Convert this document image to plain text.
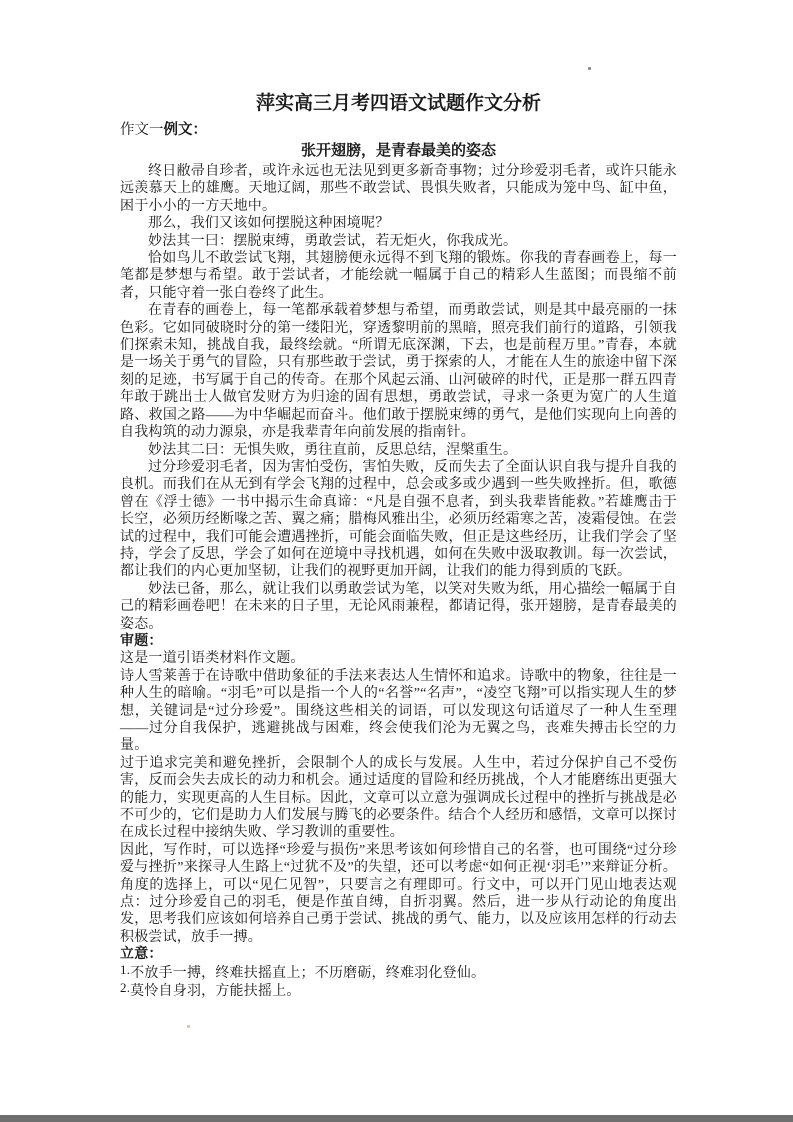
萍实高三月考四语文试题作文分析

作文一例文：

张开翅膀，是青春最美的姿态

终日敝帚自珍者，或许永远也无法见到更多新奇事物；过分珍爱羽毛者，或许只能永远羡慕天上的雄鹰。天地辽阔，那些不敢尝试、畏惧失败者，只能成为笼中鸟、缸中鱼，困于小小的一方天地中。

那么，我们又该如何摆脱这种困境呢？

妙法其一曰：摆脱束缚，勇敢尝试，若无炬火，你我成光。

恰如鸟儿不敢尝试飞翔，其翅膀便永远得不到飞翔的锻炼。你我的青春画卷上，每一笔都是梦想与希望。敢于尝试者，才能绘就一幅属于自己的精彩人生蓝图；而畏缩不前者，只能守着一张白卷终了此生。

在青春的画卷上，每一笔都承载着梦想与希望，而勇敢尝试，则是其中最亮丽的一抹色彩。它如同破晓时分的第一缕阳光，穿透黎明前的黑暗，照亮我们前行的道路，引领我们探索未知，挑战自我，最终绘就。“所谓无底深渊，下去，也是前程万里。”青春，本就是一场关于勇气的冒险，只有那些敢于尝试，勇于探索的人，才能在人生的旅途中留下深刻的足迹，书写属于自己的传奇。在那个风起云涌、山河破碎的时代，正是那一群五四青年敢于跳出士人做官发财方为归途的固有思想，勇敢尝试，寻求一条更为宽广的人生道路、救国之路——为中华崛起而奋斗。他们敢于摆脱束缚的勇气，是他们实现向上向善的自我构筑的动力源泉，亦是我辈青年向前发展的指南针。

妙法其二曰：无惧失败，勇往直前，反思总结，涅槃重生。

过分珍爱羽毛者，因为害怕受伤，害怕失败，反而失去了全面认识自我与提升自我的良机。而我们在从无到有学会飞翔的过程中，总会或多或少遇到一些失败挫折。但，歌德曾在《浮士德》一书中揭示生命真谛：“凡是自强不息者，到头我辈皆能救。”若雄鹰击于长空，必须历经断喙之苦、翼之痛；腊梅风雅出尘，必须历经霜寒之苦，凌霜侵蚀。在尝试的过程中，我们可能会遭遇挫折，可能会面临失败，但正是这些经历，让我们学会了坚持，学会了反思，学会了如何在逆境中寻找机遇，如何在失败中汲取教训。每一次尝试，都让我们的内心更加坚韧，让我们的视野更加开阔，让我们的能力得到质的飞跃。

妙法已备，那么，就让我们以勇敢尝试为笔，以笑对失败为纸，用心描绘一幅属于自己的精彩画卷吧！在未来的日子里，无论风雨兼程，都请记得，张开翅膀，是青春最美的姿态。

审题：

这是一道引语类材料作文题。

诗人雪莱善于在诗歌中借助象征的手法来表达人生情怀和追求。诗歌中的物象，往往是一种人生的暗喻。“羽毛”可以是指一个人的“名誉”“名声”，“凌空飞翔”可以指实现人生的梦想，关键词是“过分珍爱”。围绕这些相关的词语，可以发现这句话道尽了一种人生至理——过分自我保护，逃避挑战与困难，终会使我们沦为无翼之鸟，丧难失搏击长空的力量。

过于追求完美和避免挫折，会限制个人的成长与发展。人生中，若过分保护自己不受伤害，反而会失去成长的动力和机会。通过适度的冒险和经历挑战，个人才能磨练出更强大的能力，实现更高的人生目标。因此，文章可以立意为强调成长过程中的挫折与挑战是必不可少的，它们是助力人们发展与腾飞的必要条件。结合个人经历和感悟，文章可以探讨在成长过程中接纳失败、学习教训的重要性。

因此，写作时，可以选择“珍爱与损伤”来思考该如何珍惜自己的名誉，也可围绕“过分珍爱与挫折”来探寻人生路上“过犹不及”的失望，还可以考虑“如何正视‘羽毛’”来辩证分析。角度的选择上，可以“见仁见智”，只要言之有理即可。行文中，可以开门见山地表达观点：过分珍爱自己的羽毛，便是作茧自缚，自折羽翼。然后，进一步从行动论的角度出发，思考我们应该如何培养自己勇于尝试、挑战的勇气、能力，以及应该用怎样的行动去积极尝试，放手一搏。

立意：

1.不放手一搏，终难扶摇直上；不历磨砺，终难羽化登仙。

2.莫怜自身羽，方能扶摇上。
